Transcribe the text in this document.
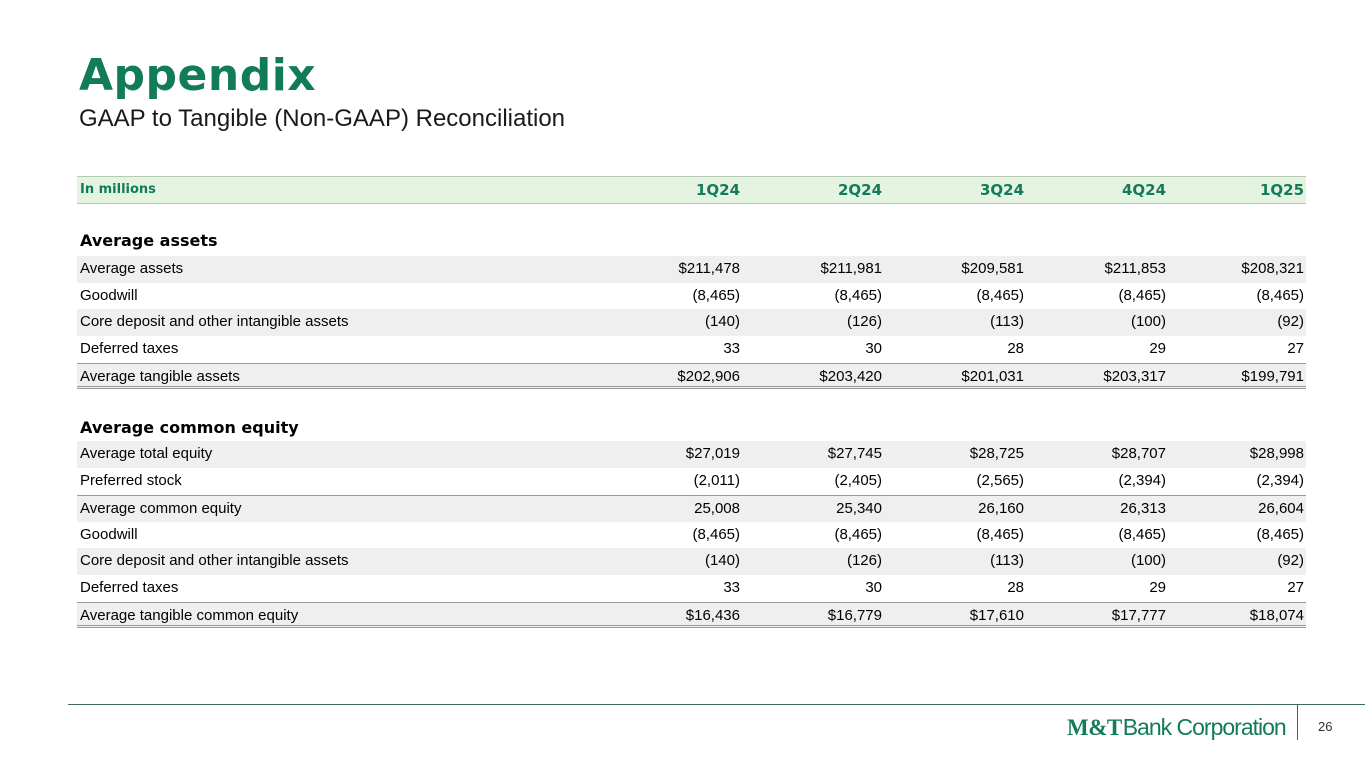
Appendix
GAAP to Tangible (Non-GAAP) Reconciliation
In millions	1Q24	2Q24	3Q24	4Q24	1Q25
Average assets
Average assets	$211,478	$211,981	$209,581	$211,853	$208,321
Goodwill	(8,465)	(8,465)	(8,465)	(8,465)	(8,465)
Core deposit and other intangible assets	(140)	(126)	(113)	(100)	(92)
Deferred taxes	33	30	28	29	27
Average tangible assets	$202,906	$203,420	$201,031	$203,317	$199,791
Average common equity
Average total equity	$27,019	$27,745	$28,725	$28,707	$28,998
Preferred stock	(2,011)	(2,405)	(2,565)	(2,394)	(2,394)
Average common equity	25,008	25,340	26,160	26,313	26,604
Goodwill	(8,465)	(8,465)	(8,465)	(8,465)	(8,465)
Core deposit and other intangible assets	(140)	(126)	(113)	(100)	(92)
Deferred taxes	33	30	28	29	27
Average tangible common equity	$16,436	$16,779	$17,610	$17,777	$18,074
M&T Bank Corporation 26
